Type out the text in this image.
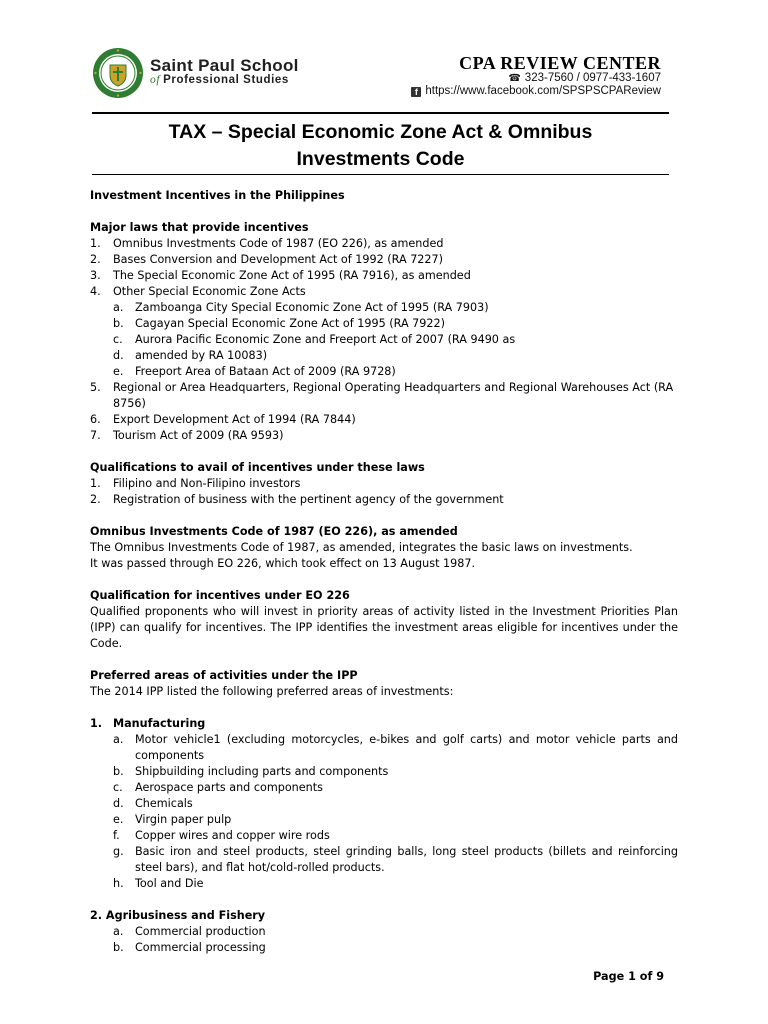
Saint Paul School
of Professional Studies
CPA REVIEW CENTER
☎ 323-7560 / 0977-433-1607
f https://www.facebook.com/SPSPSCPAReview
TAX – Special Economic Zone Act & Omnibus
Investments Code
Investment Incentives in the Philippines
Major laws that provide incentives
1. Omnibus Investments Code of 1987 (EO 226), as amended
2. Bases Conversion and Development Act of 1992 (RA 7227)
3. The Special Economic Zone Act of 1995 (RA 7916), as amended
4. Other Special Economic Zone Acts
a. Zamboanga City Special Economic Zone Act of 1995 (RA 7903)
b. Cagayan Special Economic Zone Act of 1995 (RA 7922)
c. Aurora Pacific Economic Zone and Freeport Act of 2007 (RA 9490 as
d. amended by RA 10083)
e. Freeport Area of Bataan Act of 2009 (RA 9728)
5. Regional or Area Headquarters, Regional Operating Headquarters and Regional Warehouses Act (RA 8756)
6. Export Development Act of 1994 (RA 7844)
7. Tourism Act of 2009 (RA 9593)
Qualifications to avail of incentives under these laws
1. Filipino and Non-Filipino investors
2. Registration of business with the pertinent agency of the government
Omnibus Investments Code of 1987 (EO 226), as amended
The Omnibus Investments Code of 1987, as amended, integrates the basic laws on investments.
It was passed through EO 226, which took effect on 13 August 1987.
Qualification for incentives under EO 226
Qualified proponents who will invest in priority areas of activity listed in the Investment Priorities Plan (IPP) can qualify for incentives. The IPP identifies the investment areas eligible for incentives under the Code.
Preferred areas of activities under the IPP
The 2014 IPP listed the following preferred areas of investments:
1. Manufacturing
a. Motor vehicle1 (excluding motorcycles, e-bikes and golf carts) and motor vehicle parts and components
b. Shipbuilding including parts and components
c. Aerospace parts and components
d. Chemicals
e. Virgin paper pulp
f. Copper wires and copper wire rods
g. Basic iron and steel products, steel grinding balls, long steel products (billets and reinforcing steel bars), and flat hot/cold-rolled products.
h. Tool and Die
2. Agribusiness and Fishery
a. Commercial production
b. Commercial processing
Page 1 of 9
